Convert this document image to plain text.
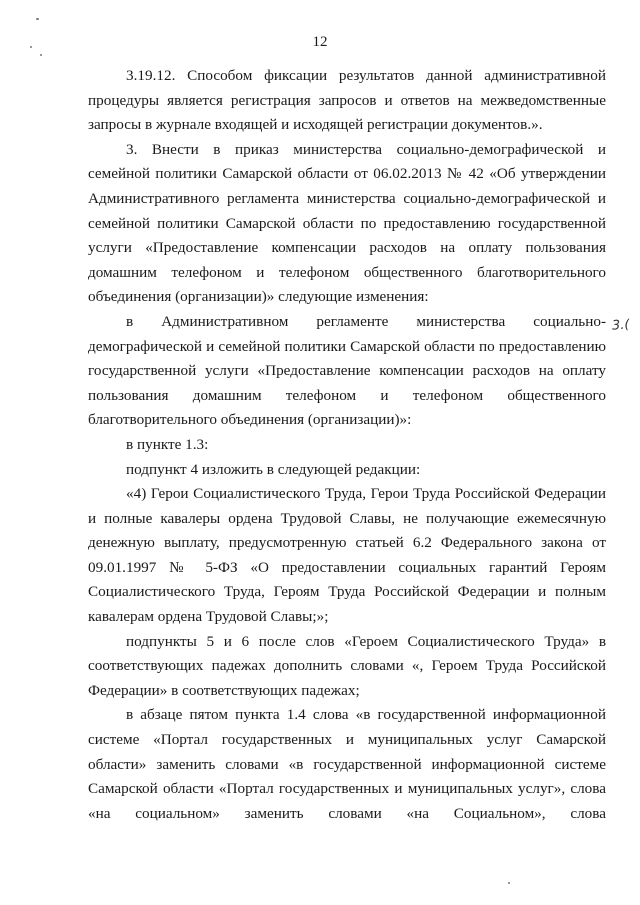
12

3.19.12. Способом фиксации результатов данной административной процедуры является регистрация запросов и ответов на межведомственные запросы в журнале входящей и исходящей регистрации документов.».

3. Внести в приказ министерства социально-демографической и семейной политики Самарской области от 06.02.2013 № 42 «Об утверждении Административного регламента министерства социально-демографической и семейной политики Самарской области по предоставлению государственной услуги «Предоставление компенсации расходов на оплату пользования домашним телефоном и телефоном общественного благотворительного объединения (организации)» следующие изменения:

в Административном регламенте министерства социально-демографической и семейной политики Самарской области по предоставлению государственной услуги «Предоставление компенсации расходов на оплату пользования домашним телефоном и телефоном общественного благотворительного объединения (организации)»:

в пункте 1.3:

подпункт 4 изложить в следующей редакции:

«4) Герои Социалистического Труда, Герои Труда Российской Федерации и полные кавалеры ордена Трудовой Славы, не получающие ежемесячную денежную выплату, предусмотренную статьей 6.2 Федерального закона от 09.01.1997 № 5-ФЗ «О предоставлении социальных гарантий Героям Социалистического Труда, Героям Труда Российской Федерации и полным кавалерам ордена Трудовой Славы;»;

подпункты 5 и 6 после слов «Героем Социалистического Труда» в соответствующих падежах дополнить словами «, Героем Труда Российской Федерации» в соответствующих падежах;

в абзаце пятом пункта 1.4 слова «в государственной информационной системе «Портал государственных и муниципальных услуг Самарской области» заменить словами «в государственной информационной системе Самарской области «Портал государственных и муниципальных услуг», слова «на социальном» заменить словами «на Социальном», слова

3.(
